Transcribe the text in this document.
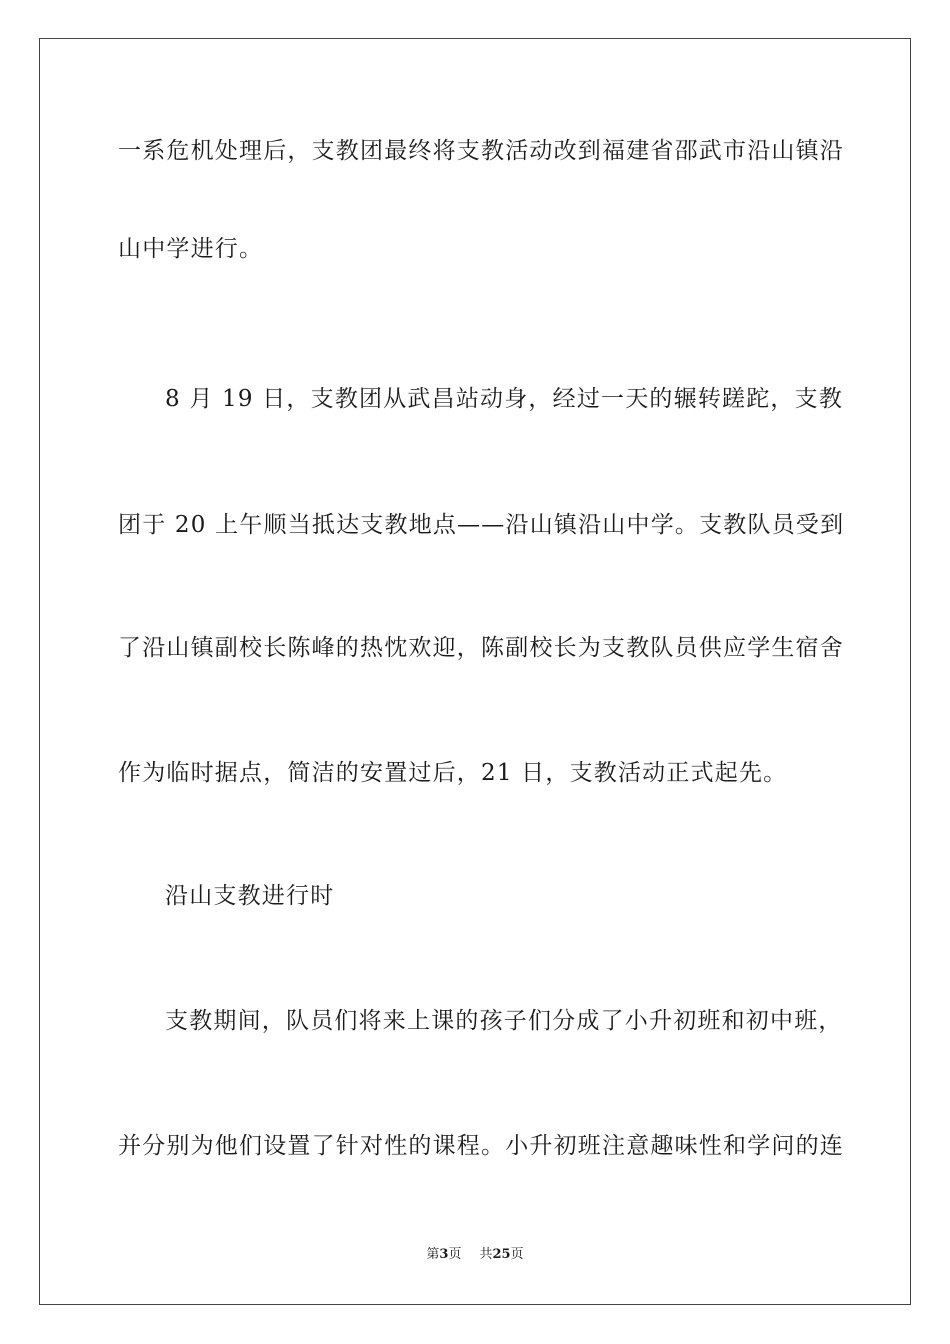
一系危机处理后，支教团最终将支教活动改到福建省邵武市沿山镇沿
山中学进行。
8 月 19 日，支教团从武昌站动身，经过一天的辗转蹉跎，支教
团于 20 上午顺当抵达支教地点——沿山镇沿山中学。支教队员受到
了沿山镇副校长陈峰的热忱欢迎，陈副校长为支教队员供应学生宿舍
作为临时据点，简洁的安置过后，21 日，支教活动正式起先。
沿山支教进行时
支教期间，队员们将来上课的孩子们分成了小升初班和初中班，
并分别为他们设置了针对性的课程。小升初班注意趣味性和学问的连
第3页 共25页
